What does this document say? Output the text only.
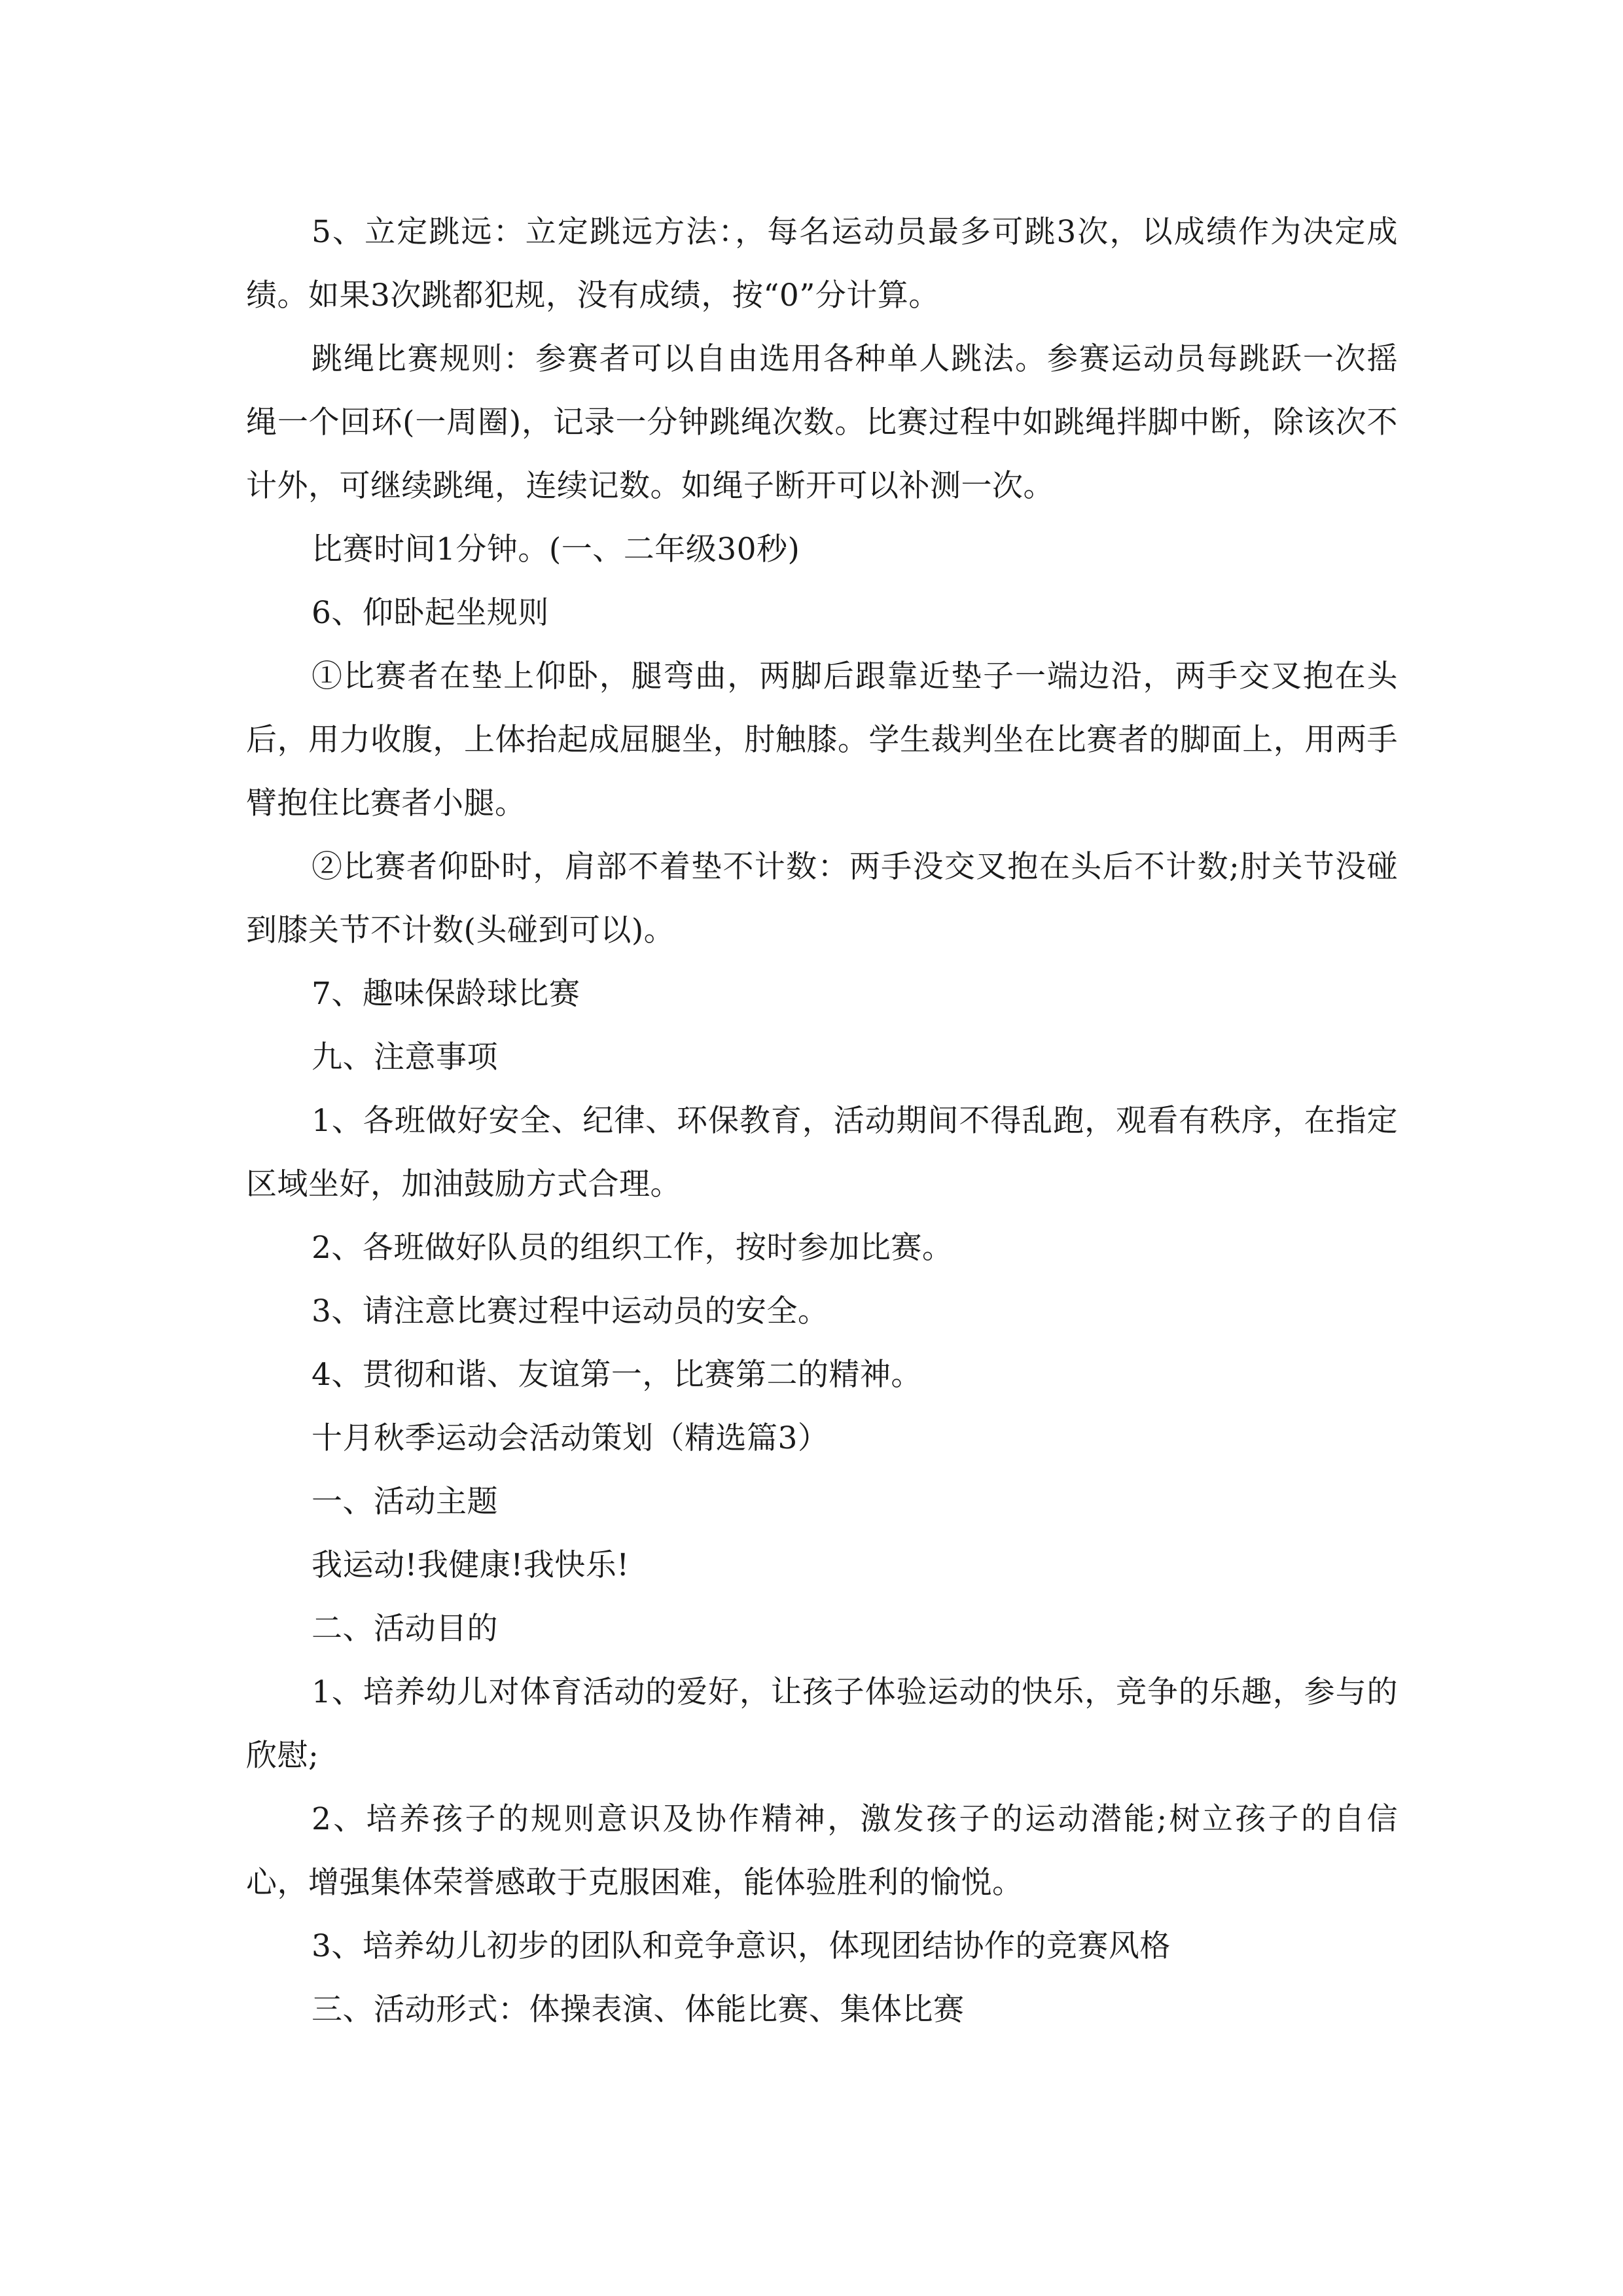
5、立定跳远：立定跳远方法：，每名运动员最多可跳3次，以成绩作为决定成绩。如果3次跳都犯规，没有成绩，按“0”分计算。

跳绳比赛规则：参赛者可以自由选用各种单人跳法。参赛运动员每跳跃一次摇绳一个回环(一周圈)，记录一分钟跳绳次数。比赛过程中如跳绳拌脚中断，除该次不计外，可继续跳绳，连续记数。如绳子断开可以补测一次。

比赛时间1分钟。(一、二年级30秒)

6、仰卧起坐规则

①比赛者在垫上仰卧，腿弯曲，两脚后跟靠近垫子一端边沿，两手交叉抱在头后，用力收腹，上体抬起成屈腿坐，肘触膝。学生裁判坐在比赛者的脚面上，用两手臂抱住比赛者小腿。

②比赛者仰卧时，肩部不着垫不计数：两手没交叉抱在头后不计数;肘关节没碰到膝关节不计数(头碰到可以)。

7、趣味保龄球比赛

九、注意事项

1、各班做好安全、纪律、环保教育，活动期间不得乱跑，观看有秩序，在指定区域坐好，加油鼓励方式合理。

2、各班做好队员的组织工作，按时参加比赛。

3、请注意比赛过程中运动员的安全。

4、贯彻和谐、友谊第一，比赛第二的精神。

十月秋季运动会活动策划（精选篇3）

一、活动主题

我运动!我健康!我快乐!

二、活动目的

1、培养幼儿对体育活动的爱好，让孩子体验运动的快乐，竞争的乐趣，参与的欣慰;

2、培养孩子的规则意识及协作精神，激发孩子的运动潜能;树立孩子的自信心，增强集体荣誉感敢于克服困难，能体验胜利的愉悦。

3、培养幼儿初步的团队和竞争意识，体现团结协作的竞赛风格

三、活动形式：体操表演、体能比赛、集体比赛
